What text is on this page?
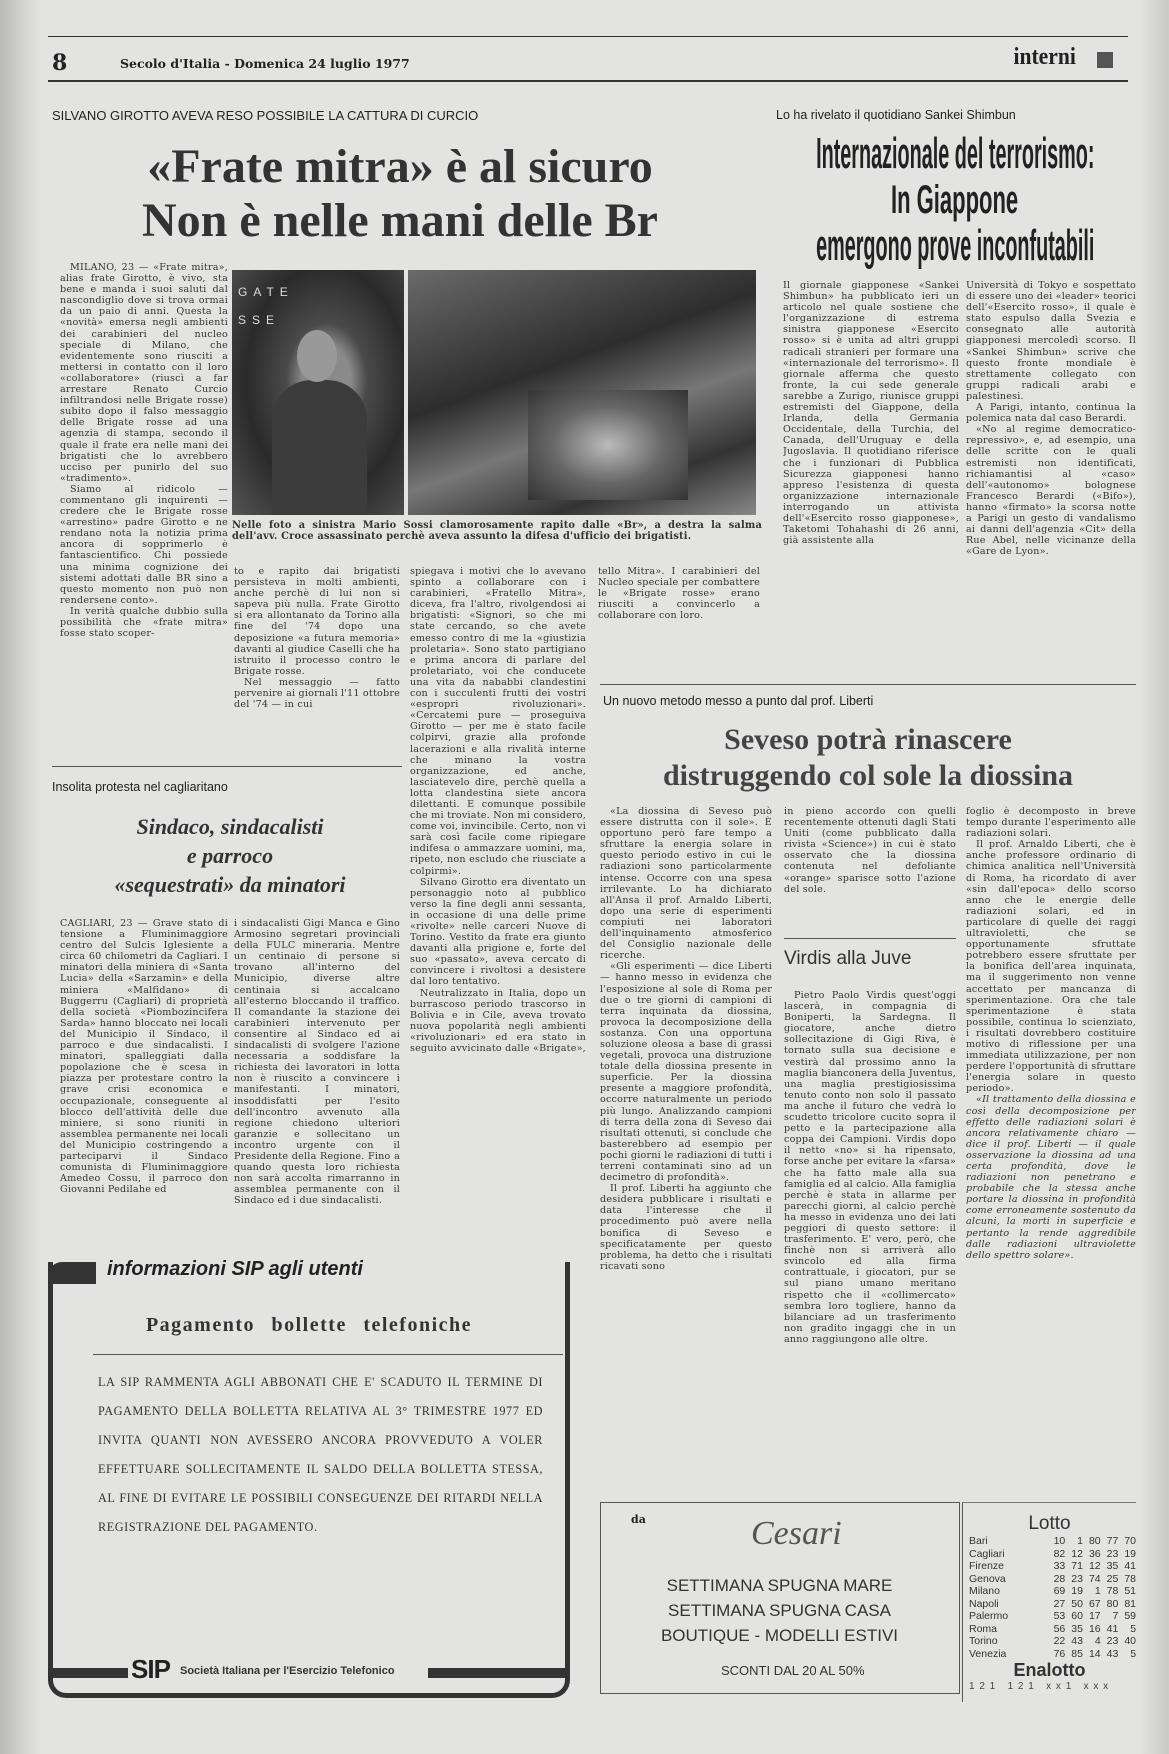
8	Secolo d'Italia - Domenica 24 luglio 1977	interni
SILVANO GIROTTO AVEVA RESO POSSIBILE LA CATTURA DI CURCIO
«Frate mitra» è al sicuro
Non è nelle mani delle Br

MILANO, 23 — «Frate mitra», alias frate Girotto, è vivo, sta bene e manda i suoi saluti dal nascondiglio dove si trova ormai da un paio di anni. Questa la «novità» emersa negli ambienti dei carabinieri del nucleo speciale di Milano, che evidentemente sono riusciti a mettersi in contatto con il loro «collaboratore» (riuscì a far arrestare Renato Curcio infiltrandosi nelle Brigate rosse) subito dopo il falso messaggio delle Brigate rosse ad una agenzia di stampa, secondo il quale il frate era nelle mani dei brigatisti che lo avrebbero ucciso per punirlo del suo «tradimento».

Siamo al ridicolo — commentano gli inquirenti — credere che le Brigate rosse «arrestino» padre Girotto e ne rendano nota la notizia prima ancora di sopprimerlo è fantascientifico. Chi possiede una minima cognizione dei sistemi adottati dalle BR sino a questo momento non può non rendersene conto».

In verità qualche dubbio sulla possibilità che «frate mitra» fosse stato scoper-

GATE SSE
Nelle foto a sinistra Mario Sossi clamorosamente rapito dalle «Br», a destra la salma dell'avv. Croce assassinato perchè aveva assunto la difesa d'ufficio dei brigatisti.

to e rapito dai brigatisti persisteva in molti ambienti, anche perchè di lui non si sapeva più nulla. Frate Girotto si era allontanato da Torino alla fine del '74 dopo una deposizione «a futura memoria» davanti al giudice Caselli che ha istruito il processo contro le Brigate rosse.

Nel messaggio — fatto pervenire ai giornali l'11 ottobre del '74 — in cui

spiegava i motivi che lo avevano spinto a collaborare con i carabinieri, «Fratello Mitra», diceva, fra l'altro, rivolgendosi ai brigatisti: «Signori, so che mi state cercando, so che avete emesso contro di me la «giustizia proletaria». Sono stato partigiano e prima ancora di parlare del proletariato, voi che conducete una vita da nababbi clandestini con i succulenti frutti dei vostri «espropri rivoluzionari». «Cercatemi pure — proseguiva Girotto — per me è stato facile colpirvi, grazie alla profonde lacerazioni e alla rivalità interne che minano la vostra organizzazione, ed anche, lasciatevelo dire, perchè quella a lotta clandestina siete ancora dilettanti. E comunque possibile che mi troviate. Non mi considero, come voi, invincibile. Certo, non vi sarà così facile come ripiegare indifesa o ammazzare uomini, ma, ripeto, non escludo che riusciate a colpirmi».

Silvano Girotto era diventato un personaggio noto al pubblico verso la fine degli anni sessanta, in occasione di una delle prime «rivolte» nelle carceri Nuove di Torino. Vestito da frate era giunto davanti alla prigione e, forte del suo «passato», aveva cercato di convincere i rivoltosi a desistere dal loro tentativo.

Neutralizzato in Italia, dopo un burrascoso periodo trascorso in Bolivia e in Cile, aveva trovato nuova popolarità negli ambienti «rivoluzionari» ed era stato in seguito avvicinato dalle «Brigate»,

tello Mitra». I carabinieri del Nucleo speciale per combattere le «Brigate rosse» erano riusciti a convincerlo a collaborare con loro.
Insolita protesta nel cagliaritano
Sindaco, sindacalisti
e parroco
«sequestrati» da minatori
CAGLIARI, 23 — Grave stato di tensione a Fluminimaggiore centro del Sulcis Iglesiente a circa 60 chilometri da Cagliari. I minatori della miniera di «Santa Lucia» della «Sarzamin» e della miniera «Malfidano» di Buggerru (Cagliari) di proprietà della società «Piombozincifera Sarda» hanno bloccato nei locali del Municipio il Sindaco, il parroco e due sindacalisti. I minatori, spalleggiati dalla popolazione che è scesa in piazza per protestare contro la grave crisi economica e occupazionale, conseguente al blocco dell'attività delle due miniere, si sono riuniti in assemblea permanente nei locali del Municipio costringendo a parteciparvi il Sindaco comunista di Fluminimaggiore Amedeo Cossu, il parroco don Giovanni Pedilahe ed
i sindacalisti Gigi Manca e Gino Armosino segretari provinciali della FULC mineraria. Mentre un centinaio di persone si trovano all'interno del Municipio, diverse altre centinaia si accalcano all'esterno bloccando il traffico. Il comandante la stazione dei carabinieri intervenuto per consentire al Sindaco ed ai sindacalisti di svolgere l'azione necessaria a soddisfare la richiesta dei lavoratori in lotta non è riuscito a convincere i manifestanti. I minatori, insoddisfatti per l'esito dell'incontro avvenuto alla regione chiedono ulteriori garanzie e sollecitano un incontro urgente con il Presidente della Regione. Fino a quando questa loro richiesta non sarà accolta rimarranno in assemblea permanente con il Sindaco ed i due sindacalisti.
Lo ha rivelato il quotidiano Sankei Shimbun
Internazionale del terrorismo:
In Giappone
emergono prove inconfutabili
Il giornale giapponese «Sankei Shimbun» ha pubblicato ieri un articolo nel quale sostiene che l'organizzazione di estrema sinistra giapponese «Esercito rosso» si è unita ad altri gruppi radicali stranieri per formare una «internazionale del terrorismo». Il giornale afferma che questo fronte, la cui sede generale sarebbe a Zurigo, riunisce gruppi estremisti del Giappone, della Irlanda, della Germania Occidentale, della Turchia, del Canada, dell'Uruguay e della Jugoslavia. Il quotidiano riferisce che i funzionari di Pubblica Sicurezza giapponesi hanno appreso l'esistenza di questa organizzazione internazionale interrogando un attivista dell'«Esercito rosso giapponese», Taketomi Tohahashi di 26 anni, già assistente alla

Università di Tokyo e sospettato di essere uno dei «leader» teorici dell'«Esercito rosso», il quale è stato espulso dalla Svezia e consegnato alle autorità giapponesi mercoledì scorso. Il «Sankei Shimbun» scrive che questo fronte mondiale è strettamente collegato con gruppi radicali arabi e palestinesi.

A Parigi, intanto, continua la polemica nata dal caso Berardi.

«No al regime democratico-repressivo», e, ad esempio, una delle scritte con le quali estremisti non identificati, richiamantisi al «caso» dell'«autonomo» bolognese Francesco Berardi («Bifo»), hanno «firmato» la scorsa notte a Parigi un gesto di vandalismo ai danni dell'agenzia «Cit» della Rue Abel, nelle vicinanze della «Gare de Lyon».

Un nuovo metodo messo a punto dal prof. Liberti
Seveso potrà rinascere
distruggendo col sole la diossina

«La diossina di Seveso può essere distrutta con il sole». È opportuno però fare tempo a sfruttare la energia solare in questo periodo estivo in cui le radiazioni sono particolarmente intense. Occorre con una spesa irrilevante. Lo ha dichiarato all'Ansa il prof. Arnaldo Liberti, dopo una serie di esperimenti compiuti nei laboratori dell'inquinamento atmosferico del Consiglio nazionale delle ricerche.

«Gli esperimenti — dice Liberti — hanno messo in evidenza che l'esposizione al sole di Roma per due o tre giorni di campioni di terra inquinata da diossina, provoca la decomposizione della sostanza. Con una opportuna soluzione oleosa a base di grassi vegetali, provoca una distruzione totale della diossina presente in superficie. Per la diossina presente a maggiore profondità, occorre naturalmente un periodo più lungo. Analizzando campioni di terra della zona di Seveso dai risultati ottenuti, si conclude che basterebbero ad esempio per pochi giorni le radiazioni di tutti i terreni contaminati sino ad un decimetro di profondità».

Il prof. Liberti ha aggiunto che desidera pubblicare i risultati e data l'interesse che il procedimento può avere nella bonifica di Seveso e specificatamente per questo problema, ha detto che i risultati ricavati sono

in pieno accordo con quelli recentemente ottenuti dagli Stati Uniti (come pubblicato dalla rivista «Science») in cui è stato osservato che la diossina contenuta nel defoliante «orange» sparisce sotto l'azione del sole.

foglio è decomposto in breve tempo durante l'esperimento alle radiazioni solari.

Il prof. Arnaldo Liberti, che è anche professore ordinario di chimica analitica nell'Università di Roma, ha ricordato di aver «sin dall'epoca» dello scorso anno che le energie delle radiazioni solari, ed in particolare di quelle dei raggi ultravioletti, che se opportunamente sfruttate potrebbero essere sfruttate per la bonifica dell'area inquinata, ma il suggerimento non venne accettato per mancanza di sperimentazione. Ora che tale sperimentazione è stata possibile, continua lo scienziato, i risultati dovrebbero costituire motivo di riflessione per una immediata utilizzazione, per non perdere l'opportunità di sfruttare l'energia solare in questo periodo».

«Il trattamento della diossina e così della decomposizione per effetto delle radiazioni solari è ancora relativamente chiaro — dice il prof. Liberti — il quale osservazione la diossina ad una certa profondità, dove le radiazioni non penetrano e probabile che la stessa anche portare la diossina in profondità come erroneamente sostenuto da alcuni, la morti in superficie e pertanto la rende aggredibile dalle radiazioni ultraviolette dello spettro solare».

Virdis alla Juve

Pietro Paolo Virdis quest'oggi lascerà, in compagnia di Boniperti, la Sardegna. Il giocatore, anche dietro sollecitazione di Gigi Riva, è tornato sulla sua decisione e vestirà dal prossimo anno la maglia bianconera della Juventus, una maglia prestigiosissima tenuto conto non solo il passato ma anche il futuro che vedrà lo scudetto tricolore cucito sopra il petto e la partecipazione alla coppa dei Campioni. Virdis dopo il netto «no» si ha ripensato, forse anche per evitare la «farsa» che ha fatto male alla sua famiglia ed al calcio. Alla famiglia perchè è stata in allarme per parecchi giorni, al calcio perchè ha messo in evidenza uno dei lati peggiori di questo settore: il trasferimento. E' vero, però, che finchè non si arriverà allo svincolo ed alla firma contrattuale, i giocatori, pur se sul piano umano meritano rispetto che il «collimercato» sembra loro togliere, hanno da bilanciare ad un trasferimento non gradito ingaggi che in un anno raggiungono alle oltre.

informazioni SIP agli utenti
Pagamento bollette telefoniche
LA SIP RAMMENTA AGLI ABBONATI CHE E' SCADUTO IL TERMINE DI PAGAMENTO DELLA BOLLETTA RELATIVA AL 3° TRIMESTRE 1977 ED INVITA QUANTI NON AVESSERO ANCORA PROVVEDUTO A VOLER EFFETTUARE SOLLECITAMENTE IL SALDO DELLA BOLLETTA STESSA, AL FINE DI EVITARE LE POSSIBILI CONSEGUENZE DEI RITARDI NELLA REGISTRAZIONE DEL PAGAMENTO.
SIP Società Italiana per l'Esercizio Telefonico
da	Cesari
SETTIMANA SPUGNA MARE
SETTIMANA SPUGNA CASA
BOUTIQUE - MODELLI ESTIVI
SCONTI DAL 20 AL 50%
Lotto
Bari	10	1 80 77 70
Cagliari	82 12 36 23 19
Firenze	33 71 12 35 41
Genova	28 23 74 25 78
Milano	69 19	1 78 51
Napoli	27 50 67 80 81
Palermo	53 60 17	7 59
Roma	56 35 16 41	5
Torino	22 43	4 23 40
Venezia	76 85 14 43	5
Enalotto
1 2 1   1 2 1   x x 1   x x x
